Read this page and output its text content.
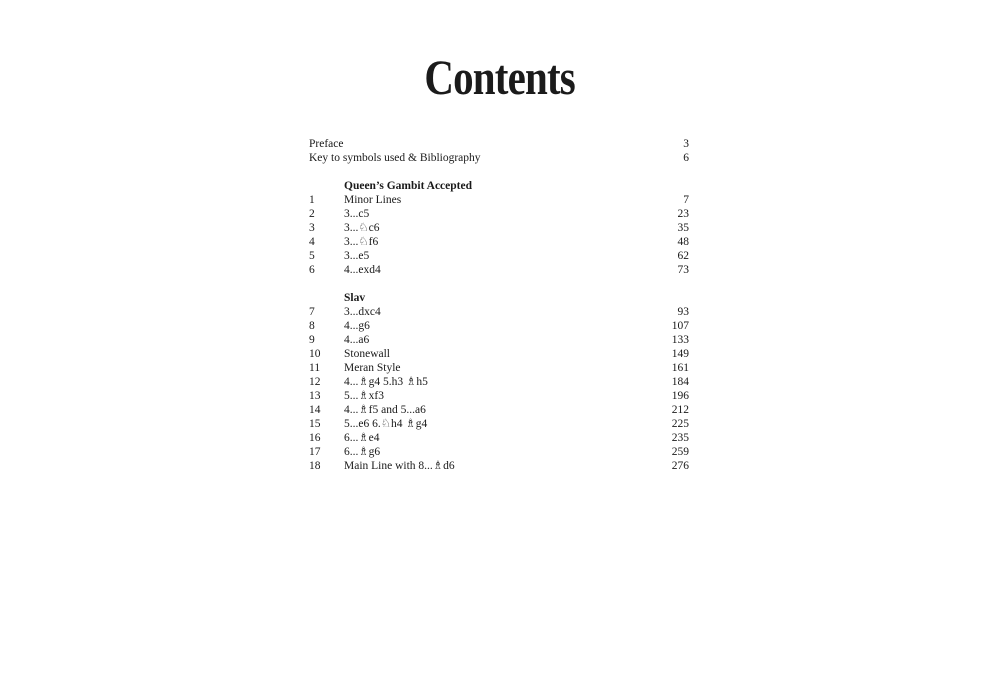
Contents
Preface	3
Key to symbols used & Bibliography	6
Queen’s Gambit Accepted
1	Minor Lines	7
2	3...c5	23
3	3...♘c6	35
4	3...♘f6	48
5	3...e5	62
6	4...exd4	73
Slav
7	3...dxc4	93
8	4...g6	107
9	4...a6	133
10	Stonewall	149
11	Meran Style	161
12	4...♗g4 5.h3 ♗h5	184
13	5...♗xf3	196
14	4...♗f5 and 5...a6	212
15	5...e6 6.♘h4 ♗g4	225
16	6...♗e4	235
17	6...♗g6	259
18	Main Line with 8...♗d6	276
